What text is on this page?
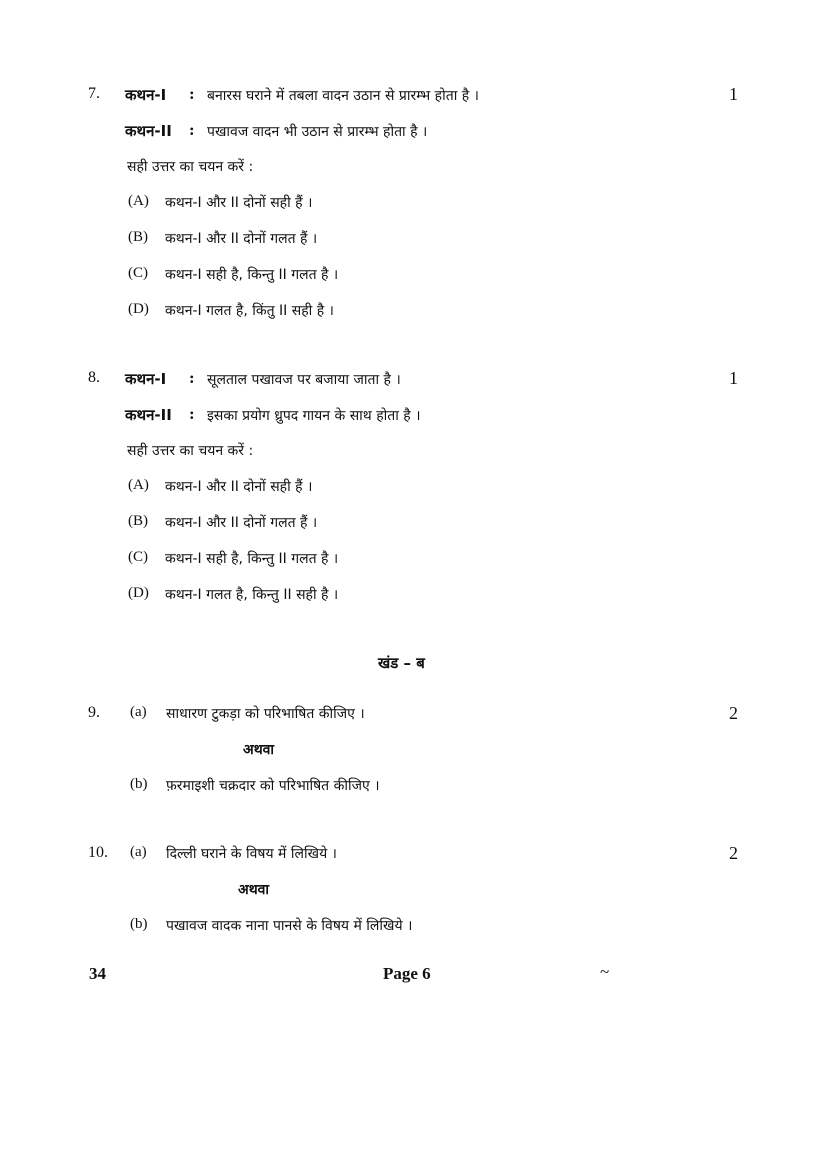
7. कथन-I : बनारस घराने में तबला वादन उठान से प्रारम्भ होता है ।	1
कथन-II : पखावज वादन भी उठान से प्रारम्भ होता है ।
सही उत्तर का चयन करें :
(A) कथन-I और II दोनों सही हैं ।
(B) कथन-I और II दोनों गलत हैं ।
(C) कथन-I सही है, किन्तु II गलत है ।
(D) कथन-I गलत है, किंतु II सही है ।
8. कथन-I : सूलताल पखावज पर बजाया जाता है ।	1
कथन-II : इसका प्रयोग ध्रुपद गायन के साथ होता है ।
सही उत्तर का चयन करें :
(A) कथन-I और II दोनों सही हैं ।
(B) कथन-I और II दोनों गलत हैं ।
(C) कथन-I सही है, किन्तु II गलत है ।
(D) कथन-I गलत है, किन्तु II सही है ।
खंड – ब
9. (a) साधारण टुकड़ा को परिभाषित कीजिए ।	2
अथवा
(b) फ़रमाइशी चक्रदार को परिभाषित कीजिए ।
10. (a) दिल्ली घराने के विषय में लिखिये ।	2
अथवा
(b) पखावज वादक नाना पानसे के विषय में लिखिये ।
34	Page 6	~
